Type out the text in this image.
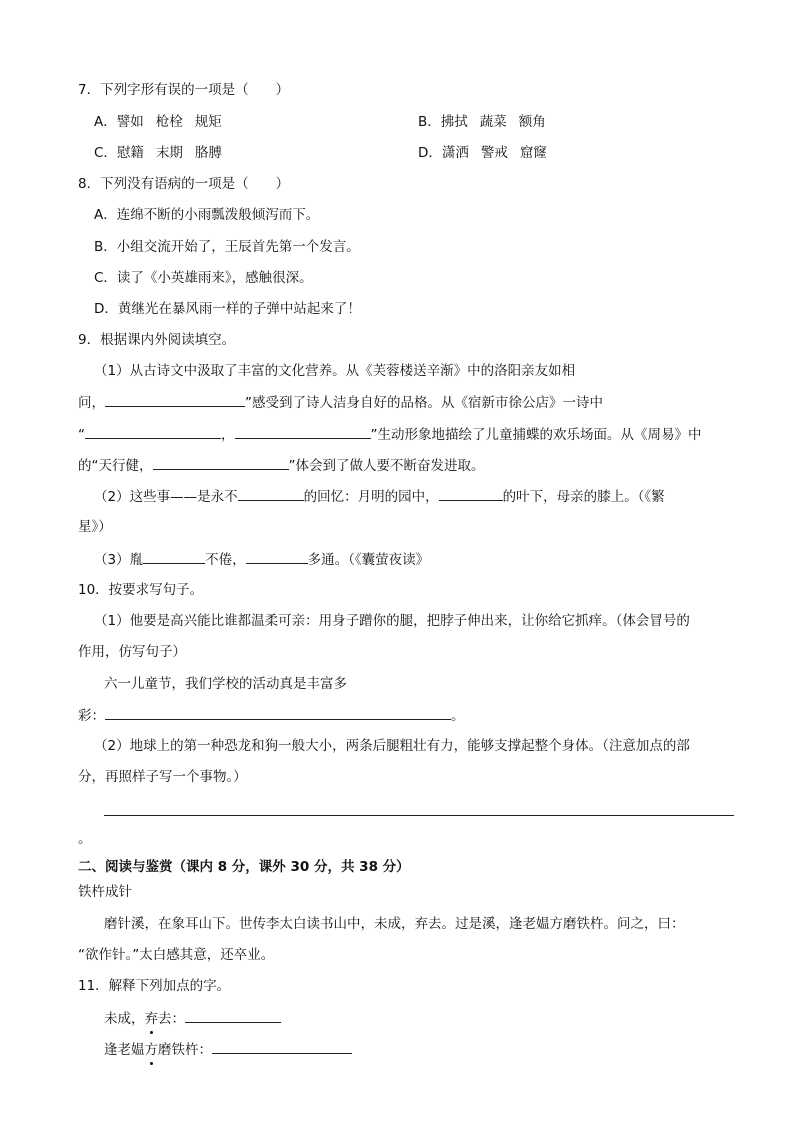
7．下列字形有误的一项是（　　）
A．譬如 枪栓 规矩	B．拂拭 蔬菜 额角
C．慰籍 末期 胳膊	D．潇洒 警戒 窟窿
8．下列没有语病的一项是（　　）
A．连绵不断的小雨瓢泼般倾泻而下。
B．小组交流开始了，王辰首先第一个发言。
C．读了《小英雄雨来》，感触很深。
D．黄继光在暴风雨一样的子弹中站起来了！
9．根据课内外阅读填空。
（1）从古诗文中汲取了丰富的文化营养。从《芙蓉楼送辛渐》中的洛阳亲友如相
问，	”感受到了诗人洁身自好的品格。从《宿新市徐公店》一诗中
“	，	”生动形象地描绘了儿童捕蝶的欢乐场面。从《周易》中
的“天行健，	”体会到了做人要不断奋发进取。
（2）这些事——是永不	的回忆：月明的园中，	的叶下，母亲的膝上。（《繁
星》）
（3）胤	不倦，	多通。（《囊萤夜读》
10．按要求写句子。
（1）他要是高兴能比谁都温柔可亲：用身子蹭你的腿，把脖子伸出来，让你给它抓痒。（体会冒号的
作用，仿写句子）
六一儿童节，我们学校的活动真是丰富多
彩：	。
（2）地球上的第一种恐龙和狗一般大小，两条后腿粗壮有力，能够支撑起整个身体。（注意加点的部
分，再照样子写一个事物。）
。
二、阅读与鉴赏（课内 8 分，课外 30 分，共 38 分）
铁杵成针
磨针溪，在象耳山下。世传李太白读书山中，未成，弃去。过是溪，逢老媪方磨铁杵。问之，曰：
“欲作针。”太白感其意，还卒业。
11．解释下列加点的字。
未成，弃去：
逢老媪方磨铁杵：
